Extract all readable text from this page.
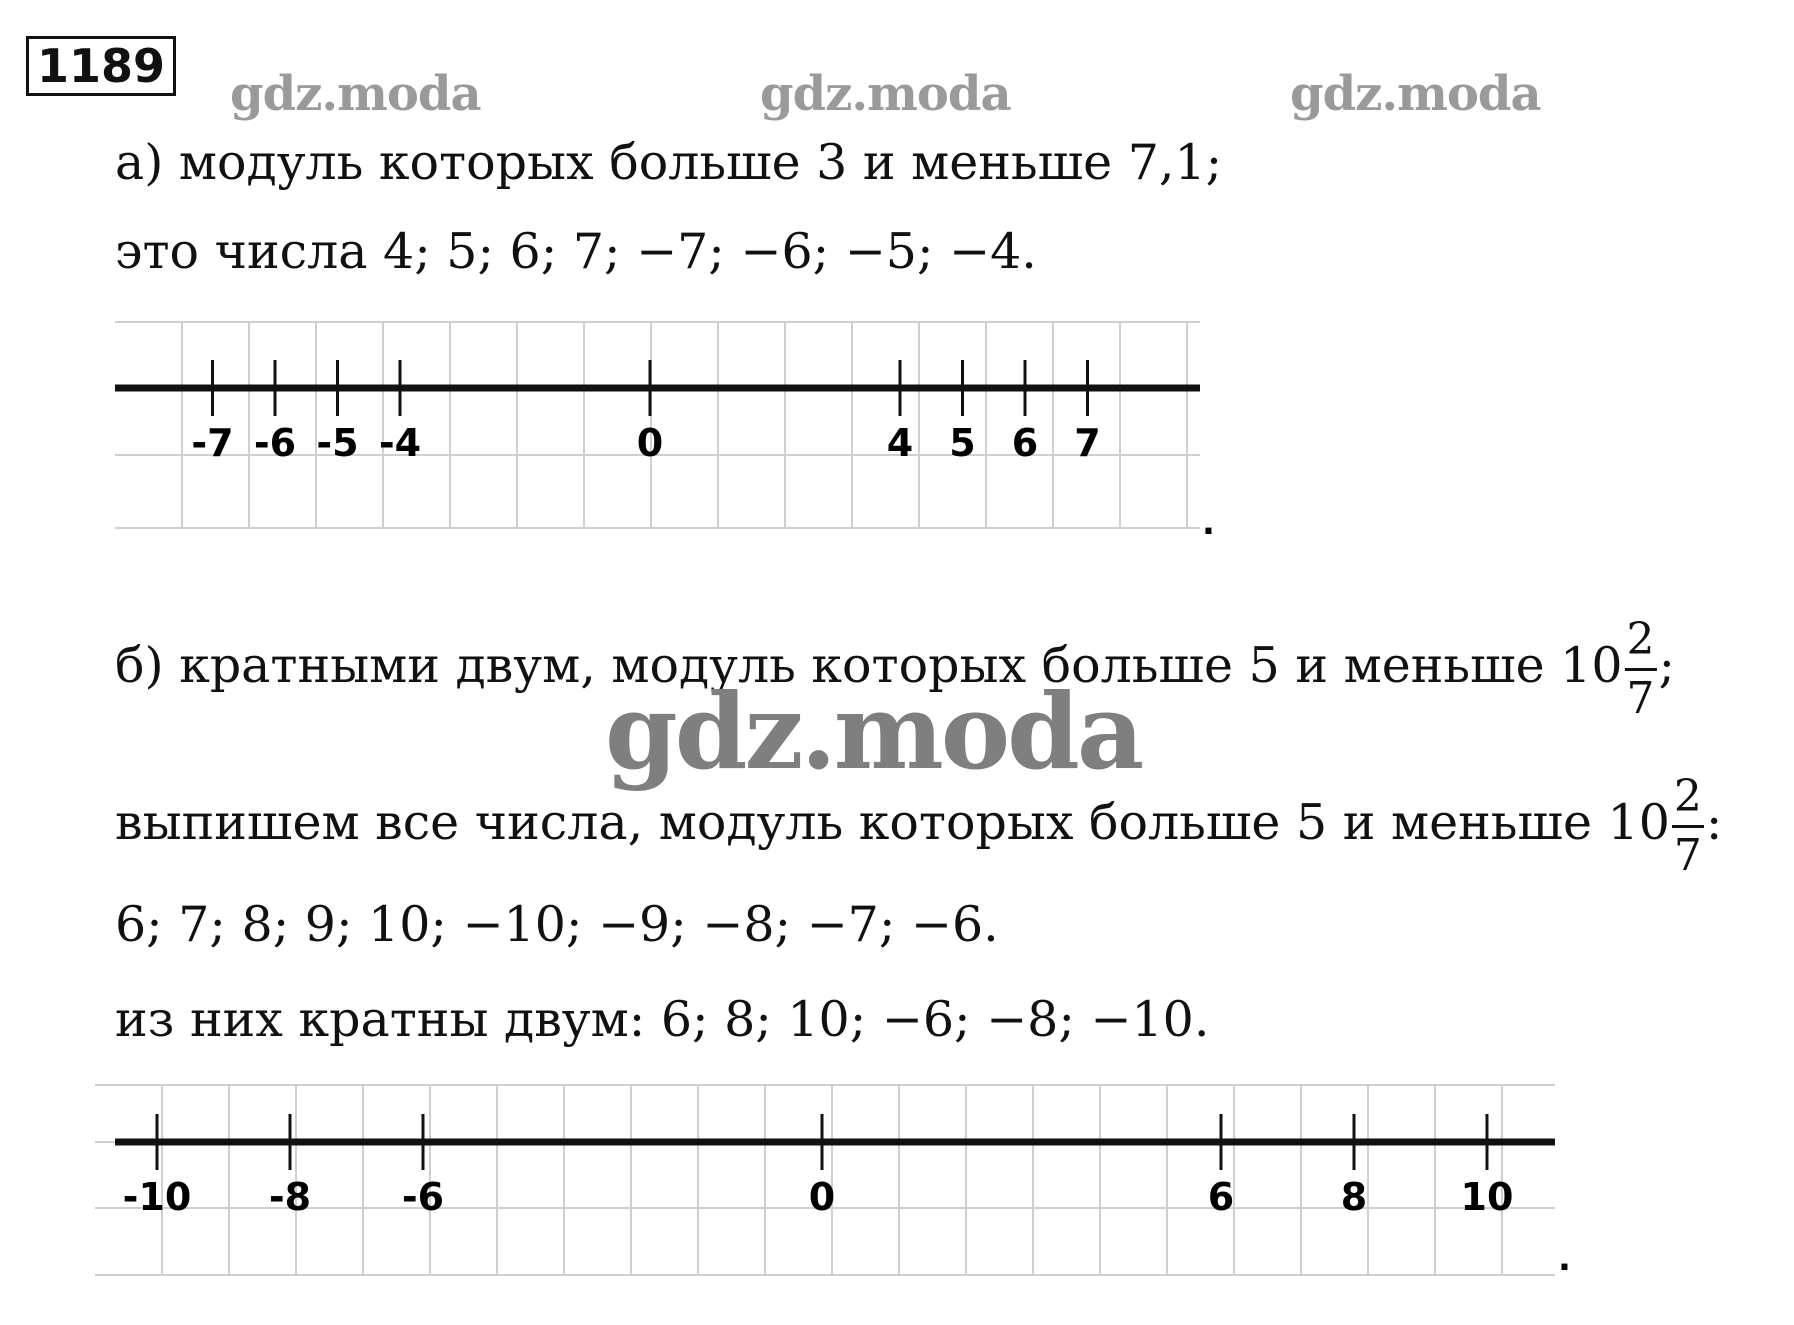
1189 gdz.moda	gdz.moda	gdz.moda
а) модуль которых больше 3 и меньше 7,1;
это числа 4; 5; 6; 7; −7; −6; −5; −4.
-7 -6 -5 -4	0	4 5 6 7
.
-10 -8 -6	0	6	8 10
.
б) кратными двум, модуль которых больше 5 и меньше $10 \frac{2}{7}$ ;
gdz.moda
выпишем все числа, модуль которых больше 5 и меньше $10 \frac{2}{7}$ :
6; 7; 8; 9; 10; −10; −9; −8; −7; −6.
из них кратны двум: 6; 8; 10; −6; −8; −10.
